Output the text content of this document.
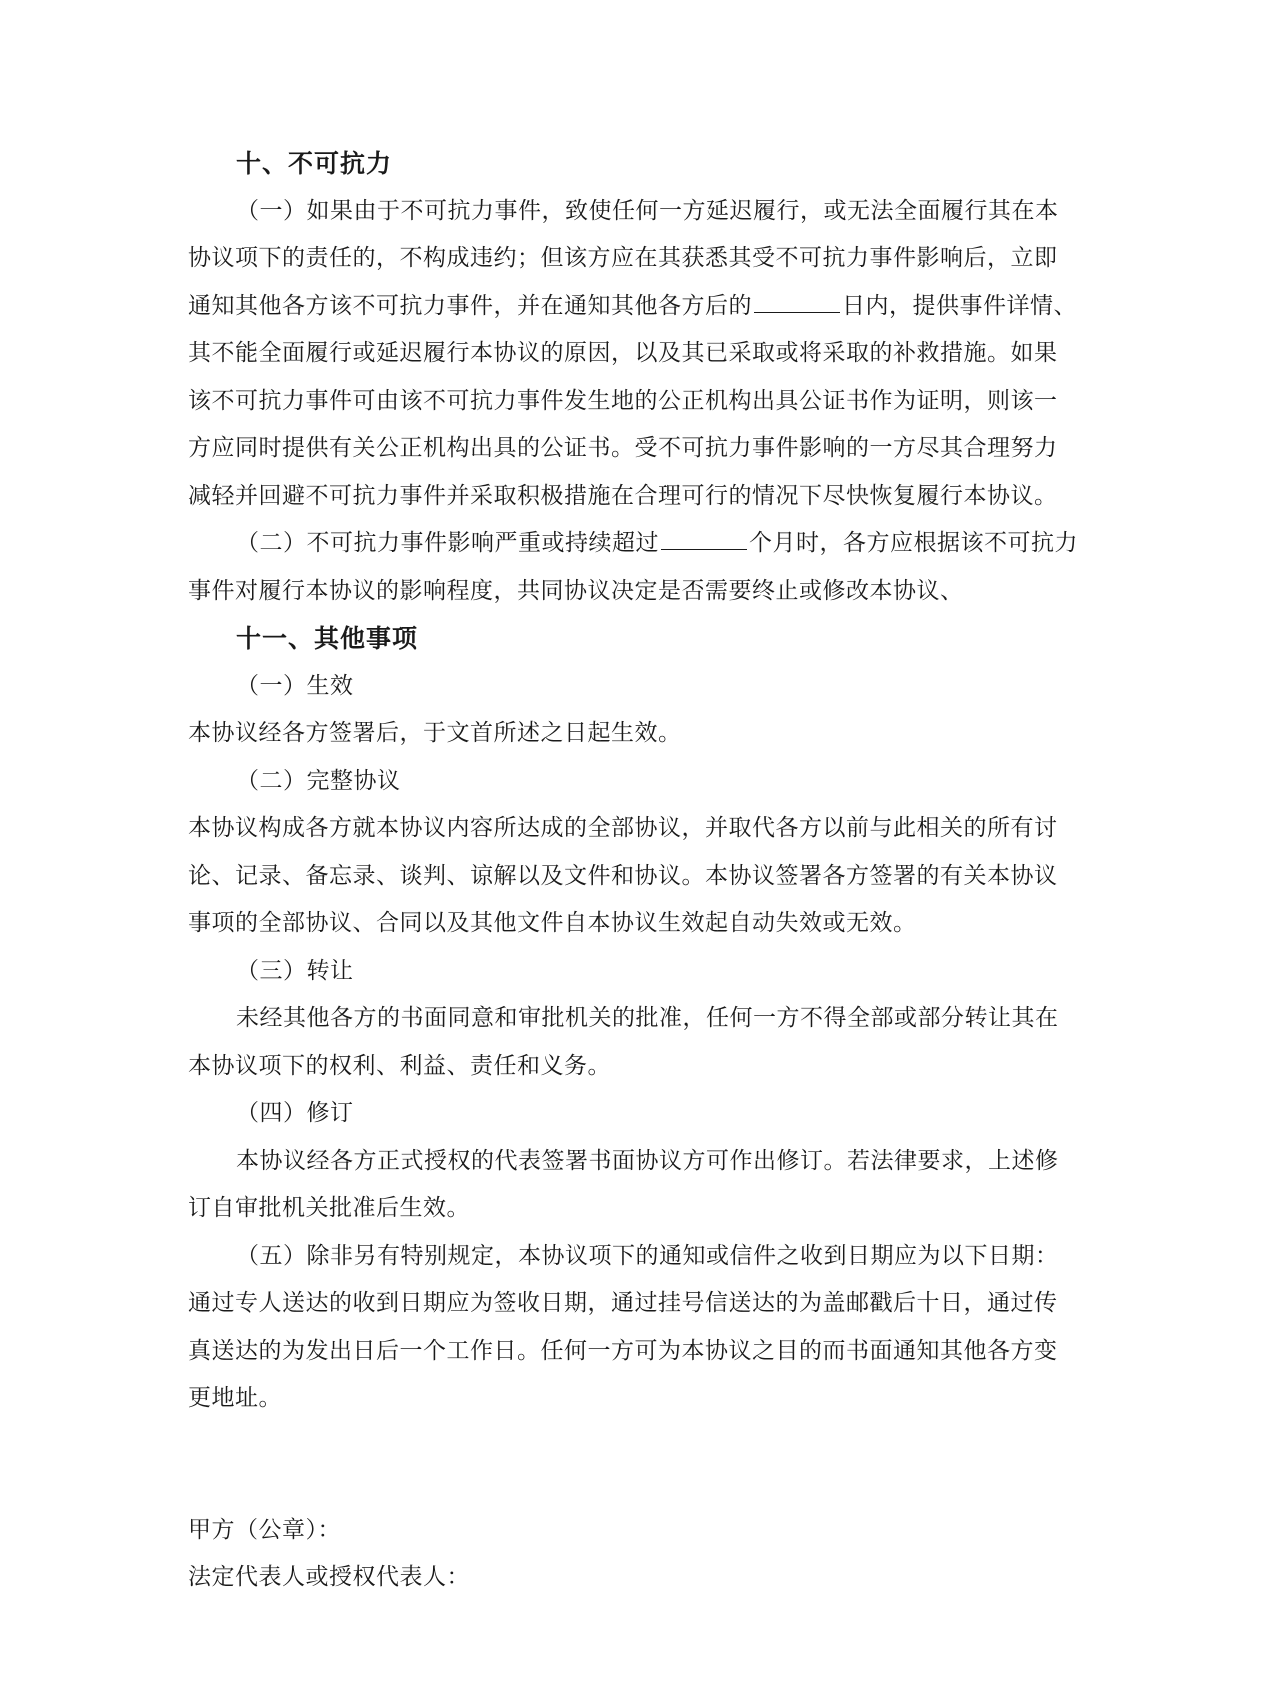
十、不可抗力
（一）如果由于不可抗力事件，致使任何一方延迟履行，或无法全面履行其在本
协议项下的责任的，不构成违约；但该方应在其获悉其受不可抗力事件影响后，立即
通知其他各方该不可抗力事件，并在通知其他各方后的	日内，提供事件详情、
其不能全面履行或延迟履行本协议的原因，以及其已采取或将采取的补救措施。如果
该不可抗力事件可由该不可抗力事件发生地的公正机构出具公证书作为证明，则该一
方应同时提供有关公正机构出具的公证书。受不可抗力事件影响的一方尽其合理努力
减轻并回避不可抗力事件并采取积极措施在合理可行的情况下尽快恢复履行本协议。
（二）不可抗力事件影响严重或持续超过	个月时，各方应根据该不可抗力
事件对履行本协议的影响程度，共同协议决定是否需要终止或修改本协议、
十一、其他事项
（一）生效
本协议经各方签署后，于文首所述之日起生效。
（二）完整协议
本协议构成各方就本协议内容所达成的全部协议，并取代各方以前与此相关的所有讨
论、记录、备忘录、谈判、谅解以及文件和协议。本协议签署各方签署的有关本协议
事项的全部协议、合同以及其他文件自本协议生效起自动失效或无效。
（三）转让
未经其他各方的书面同意和审批机关的批准，任何一方不得全部或部分转让其在
本协议项下的权利、利益、责任和义务。
（四）修订
本协议经各方正式授权的代表签署书面协议方可作出修订。若法律要求，上述修
订自审批机关批准后生效。
（五）除非另有特别规定，本协议项下的通知或信件之收到日期应为以下日期：
通过专人送达的收到日期应为签收日期，通过挂号信送达的为盖邮戳后十日，通过传
真送达的为发出日后一个工作日。任何一方可为本协议之目的而书面通知其他各方变
更地址。
甲方（公章）：
法定代表人或授权代表人：
